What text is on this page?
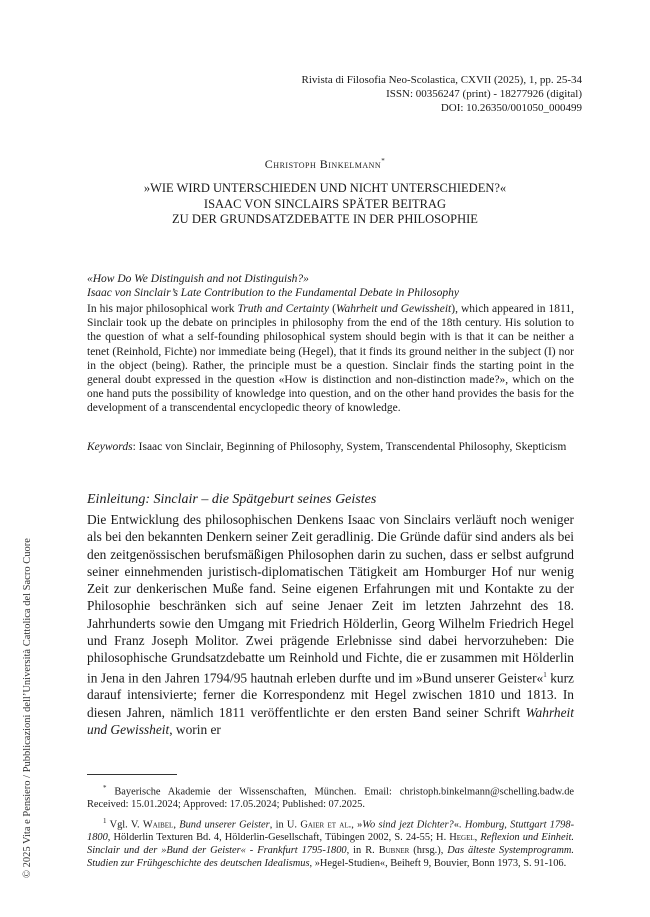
© 2025 Vita e Pensiero / Pubblicazioni dell’Università Cattolica del Sacro Cuore
Rivista di Filosofia Neo-Scolastica, CXVII (2025), 1, pp. 25-34
ISSN: 00356247 (print) - 18277926 (digital)
DOI: 10.26350/001050_000499
Christoph Binkelmann*
»WIE WIRD UNTERSCHIEDEN UND NICHT UNTERSCHIEDEN?«
ISAAC VON SINCLAIRS SPÄTER BEITRAG
ZU DER GRUNDSATZDEBATTE IN DER PHILOSOPHIE
«How Do We Distinguish and not Distinguish?»
Isaac von Sinclair’s Late Contribution to the Fundamental Debate in Philosophy

In his major philosophical work Truth and Certainty (Wahrheit und Gewissheit), which appeared in 1811, Sinclair took up the debate on principles in philosophy from the end of the 18th century. His solution to the question of what a self-founding philosophical system should begin with is that it can be neither a tenet (Reinhold, Fichte) nor immediate being (Hegel), that it finds its ground neither in the subject (I) nor in the object (being). Rather, the principle must be a question. Sinclair finds the starting point in the general doubt expressed in the question «How is distinction and non-distinction made?», which on the one hand puts the possibility of knowledge into question, and on the other hand provides the basis for the development of a transcendental encyclopedic theory of knowledge.

Keywords: Isaac von Sinclair, Beginning of Philosophy, System, Transcendental Philosophy, Skepticism

Einleitung: Sinclair – die Spätgeburt seines Geistes

Die Entwicklung des philosophischen Denkens Isaac von Sinclairs verläuft noch weniger als bei den bekannten Denkern seiner Zeit geradlinig. Die Gründe dafür sind anders als bei den zeitgenössischen berufsmäßigen Philosophen darin zu suchen, dass er selbst aufgrund seiner einnehmenden juristisch-diplomatischen Tätigkeit am Homburger Hof nur wenig Zeit zur denkerischen Muße fand. Seine eigenen Erfahrungen mit und Kontakte zu der Philosophie beschränken sich auf seine Jenaer Zeit im letzten Jahrzehnt des 18. Jahrhunderts sowie den Umgang mit Friedrich Hölderlin, Georg Wilhelm Friedrich Hegel und Franz Joseph Molitor. Zwei prägende Erlebnisse sind dabei hervorzuheben: Die philosophische Grundsatzdebatte um Reinhold und Fichte, die er zusammen mit Hölderlin in Jena in den Jahren 1794/95 hautnah erleben durfte und im »Bund unserer Geister«$^1$ kurz darauf intensivierte; ferner die Korrespondenz mit Hegel zwischen 1810 und 1813. In diesen Jahren, nämlich 1811 veröffentlichte er den ersten Band seiner Schrift Wahrheit und Gewissheit, worin er

* Bayerische Akademie der Wissenschaften, München. Email: christoph.binkelmann@schelling.badw.de Received: 15.01.2024; Approved: 17.05.2024; Published: 07.2025.

$^1$ Vgl. V. Waibel, Bund unserer Geister, in U. Gaier et al., »Wo sind jezt Dichter?«. Homburg, Stuttgart 1798-1800, Hölderlin Texturen Bd. 4, Hölderlin-Gesellschaft, Tübingen 2002, S. 24-55; H. Hegel, Reflexion und Einheit. Sinclair und der »Bund der Geister« - Frankfurt 1795-1800, in R. Bubner (hrsg.), Das älteste Systemprogramm. Studien zur Frühgeschichte des deutschen Idealismus, »Hegel-Studien«, Beiheft 9, Bouvier, Bonn 1973, S. 91-106.
